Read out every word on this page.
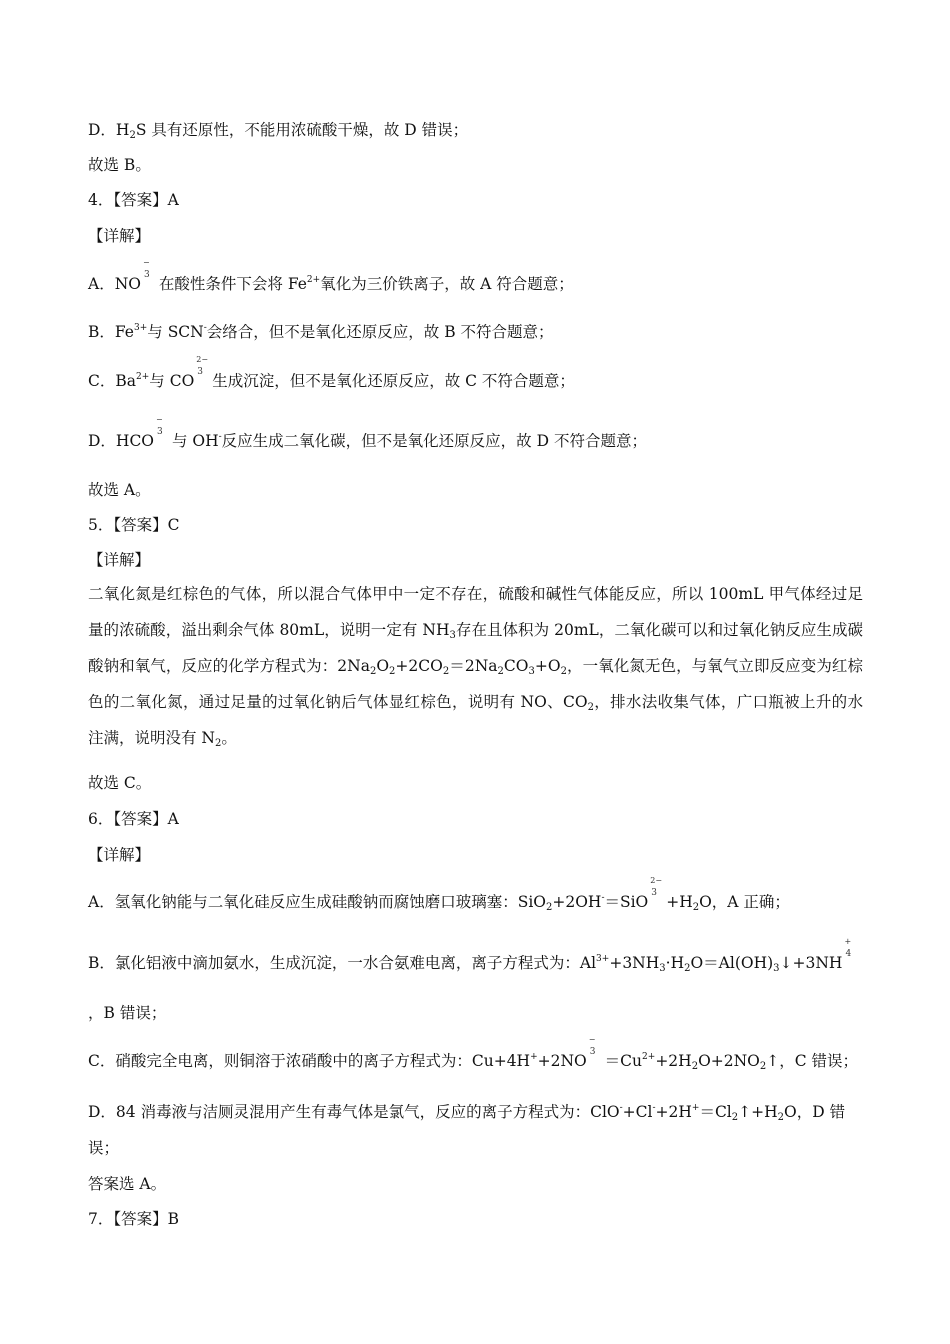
D．$H_2S$ 具有还原性，不能用浓硫酸干燥，故 D 错误；
故选 B。
4．【答案】A
【详解】
A．NO
−
3 在酸性条件下会将 $Fe^{2+}$氧化为三价铁离子，故 A 符合题意；
B．$Fe^{3+}$与 SCN-会络合，但不是氧化还原反应，故 B 不符合题意；
C．$Ba^{2+}$与 CO
2−
3 生成沉淀，但不是氧化还原反应，故 C 不符合题意；
D．HCO
−
3 与 OH-反应生成二氧化碳，但不是氧化还原反应，故 D 不符合题意；
故选 A。
5．【答案】C
【详解】
二氧化氮是红棕色的气体，所以混合气体甲中一定不存在，硫酸和碱性气体能反应，所以 100mL 甲气体经过足量的浓硫酸，溢出剩余气体 80mL，说明一定有 $NH_3$存在且体积为 20mL，二氧化碳可以和过氧化钠反应生成碳酸钠和氧气，反应的化学方程式为：$2Na_2O_2+2CO_2=2Na_2CO_3+O_2$，一氧化氮无色，与氧气立即反应变为红棕色的二氧化氮，通过足量的过氧化钠后气体显红棕色，说明有 NO、$CO_2$，排水法收集气体，广口瓶被上升的水注满，说明没有 $N_2$。
故选 C。
6．【答案】A
【详解】
A．氢氧化钠能与二氧化硅反应生成硅酸钠而腐蚀磨口玻璃塞：SiO$_2$+2OH-＝SiO
2−
$3 +H_2O$，A 正确；
B．氯化铝液中滴加氨水，生成沉淀，一水合氨难电离，离子方程式为：$Al^{3+}+3NH_3\cdot H_2O=Al(OH)_3↓+3NH$
+
4
，B 错误；
C．硝酸完全电离，则铜溶于浓硝酸中的离子方程式为：Cu+4H++2NO
−
$3 =Cu^{2+}+2H_2O+2NO_2↑$，C 错误；
D．84 消毒液与洁厕灵混用产生有毒气体是氯气，反应的离子方程式为：$ClO^-+Cl^-+2H^+=Cl_2↑+H_2O$，D 错
误；
答案选 A。
7．【答案】B
